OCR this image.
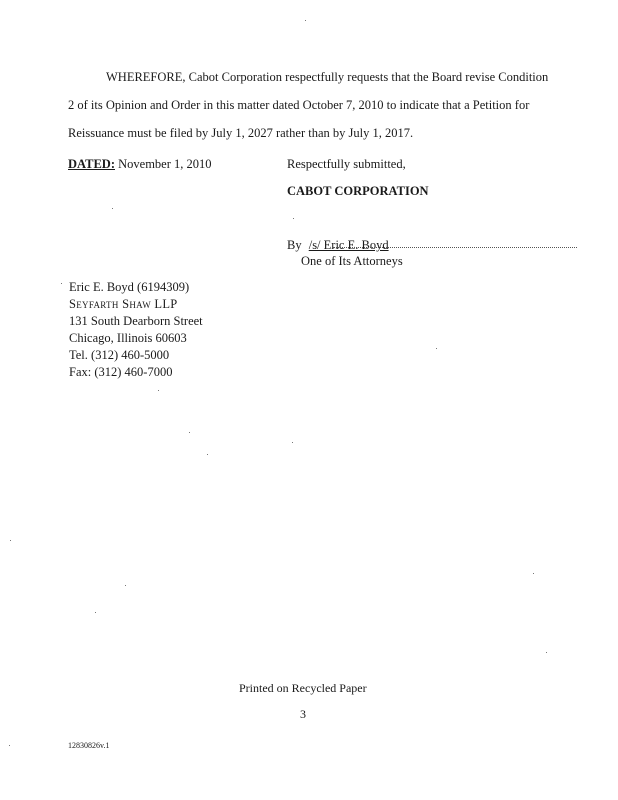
WHEREFORE, Cabot Corporation respectfully requests that the Board revise Condition
2 of its Opinion and Order in this matter dated October 7, 2010 to indicate that a Petition for
Reissuance must be filed by July 1, 2027 rather than by July 1, 2017.
DATED: November 1, 2010	Respectfully submitted,
CABOT CORPORATION
By /s/ Eric E. Boyd
One of Its Attorneys
Eric E. Boyd (6194309)
Seyfarth Shaw LLP
131 South Dearborn Street
Chicago, Illinois 60603
Tel. (312) 460-5000
Fax: (312) 460-7000
Printed on Recycled Paper
3
12830826v.1
